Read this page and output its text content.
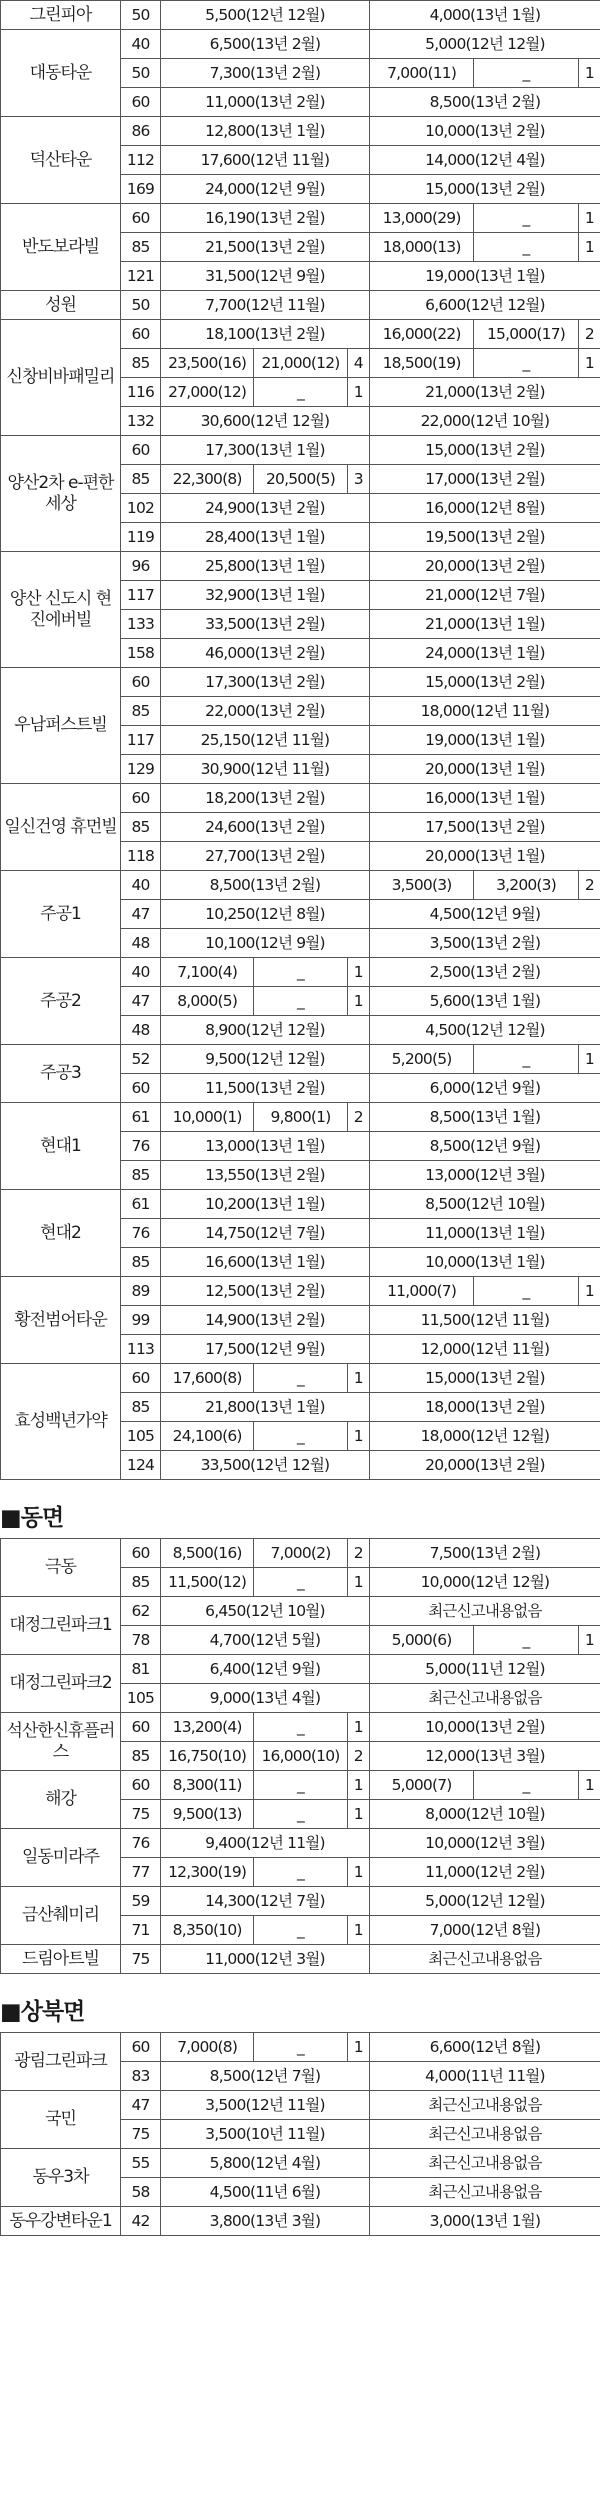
그린피아	50	5,500(12년 12월)			4,000(13년 1월)		
대동타운	40	6,500(13년 2월)			5,000(12년 12월)		
	50	7,300(13년 2월)			7,000(11)	_	1
	60	11,000(13년 2월)			8,500(13년 2월)		
덕산타운	86	12,800(13년 1월)			10,000(13년 2월)		
	112	17,600(12년 11월)			14,000(12년 4월)		
	169	24,000(12년 9월)			15,000(13년 2월)		
반도보라빌	60	16,190(13년 2월)			13,000(29)	_	1
	85	21,500(13년 2월)			18,000(13)	_	1
	121	31,500(12년 9월)			19,000(13년 1월)		
성원	50	7,700(12년 11월)			6,600(12년 12월)		
신창비바패밀리	60	18,100(13년 2월)			16,000(22)	15,000(17)	2
	85	23,500(16)	21,000(12)	4	18,500(19)	_	1
	116	27,000(12)	_	1	21,000(13년 2월)		
	132	30,600(12년 12월)			22,000(12년 10월)		
양산2차 e-편한세상	60	17,300(13년 1월)			15,000(13년 2월)		
	85	22,300(8)	20,500(5)	3	17,000(13년 2월)		
	102	24,900(13년 2월)			16,000(12년 8월)		
	119	28,400(13년 1월)			19,500(13년 2월)		
양산 신도시 현진에버빌	96	25,800(13년 1월)			20,000(13년 2월)		
	117	32,900(13년 1월)			21,000(12년 7월)		
	133	33,500(13년 2월)			21,000(13년 1월)		
	158	46,000(13년 2월)			24,000(13년 1월)		
우남퍼스트빌	60	17,300(13년 2월)			15,000(13년 2월)		
	85	22,000(13년 2월)			18,000(12년 11월)		
	117	25,150(12년 11월)			19,000(13년 1월)		
	129	30,900(12년 11월)			20,000(13년 1월)		
일신건영 휴먼빌	60	18,200(13년 2월)			16,000(13년 1월)		
	85	24,600(13년 2월)			17,500(13년 2월)		
	118	27,700(13년 2월)			20,000(13년 1월)		
주공1	40	8,500(13년 2월)			3,500(3)	3,200(3)	2
	47	10,250(12년 8월)			4,500(12년 9월)		
	48	10,100(12년 9월)			3,500(13년 2월)		
주공2	40	7,100(4)	_	1	2,500(13년 2월)		
	47	8,000(5)	_	1	5,600(13년 1월)		
	48	8,900(12년 12월)			4,500(12년 12월)		
주공3	52	9,500(12년 12월)			5,200(5)	_	1
	60	11,500(13년 2월)			6,000(12년 9월)		
현대1	61	10,000(1)	9,800(1)	2	8,500(13년 1월)		
	76	13,000(13년 1월)			8,500(12년 9월)		
	85	13,550(13년 2월)			13,000(12년 3월)		
현대2	61	10,200(13년 1월)			8,500(12년 10월)		
	76	14,750(12년 7월)			11,000(13년 1월)		
	85	16,600(13년 1월)			10,000(13년 1월)		
황전범어타운	89	12,500(13년 2월)			11,000(7)	_	1
	99	14,900(13년 2월)			11,500(12년 11월)		
	113	17,500(12년 9월)			12,000(12년 11월)		
효성백년가약	60	17,600(8)	_	1	15,000(13년 2월)		
	85	21,800(13년 1월)			18,000(13년 2월)		
	105	24,100(6)	_	1	18,000(12년 12월)		
	124	33,500(12년 12월)			20,000(13년 2월)		
■동면
극동	60	8,500(16)	7,000(2)	2	7,500(13년 2월)		
	85	11,500(12)	_	1	10,000(12년 12월)		
대정그린파크1	62	6,450(12년 10월)			최근신고내용없음		
	78	4,700(12년 5월)			5,000(6)	_	1
대정그린파크2	81	6,400(12년 9월)			5,000(11년 12월)		
	105	9,000(13년 4월)			최근신고내용없음		
석산한신휴플러스	60	13,200(4)	_	1	10,000(13년 2월)		
	85	16,750(10)	16,000(10)	2	12,000(13년 3월)		
해강	60	8,300(11)	_	1	5,000(7)	_	1
	75	9,500(13)	_	1	8,000(12년 10월)		
일동미라주	76	9,400(12년 11월)			10,000(12년 3월)		
	77	12,300(19)	_	1	11,000(12년 2월)		
금산췌미리	59	14,300(12년 7월)			5,000(12년 12월)		
	71	8,350(10)	_	1	7,000(12년 8월)		
드림아트빌	75	11,000(12년 3월)			최근신고내용없음		
■상북면
광림그린파크	60	7,000(8)	_	1	6,600(12년 8월)
	83	8,500(12년 7월)			4,000(11년 11월)
국민	47	3,500(12년 11월)			최근신고내용없음
	75	3,500(10년 11월)			최근신고내용없음
동우3차	55	5,800(12년 4월)			최근신고내용없음
	58	4,500(11년 6월)			최근신고내용없음
동우강변타운1	42	3,800(13년 3월)			3,000(13년 1월)
